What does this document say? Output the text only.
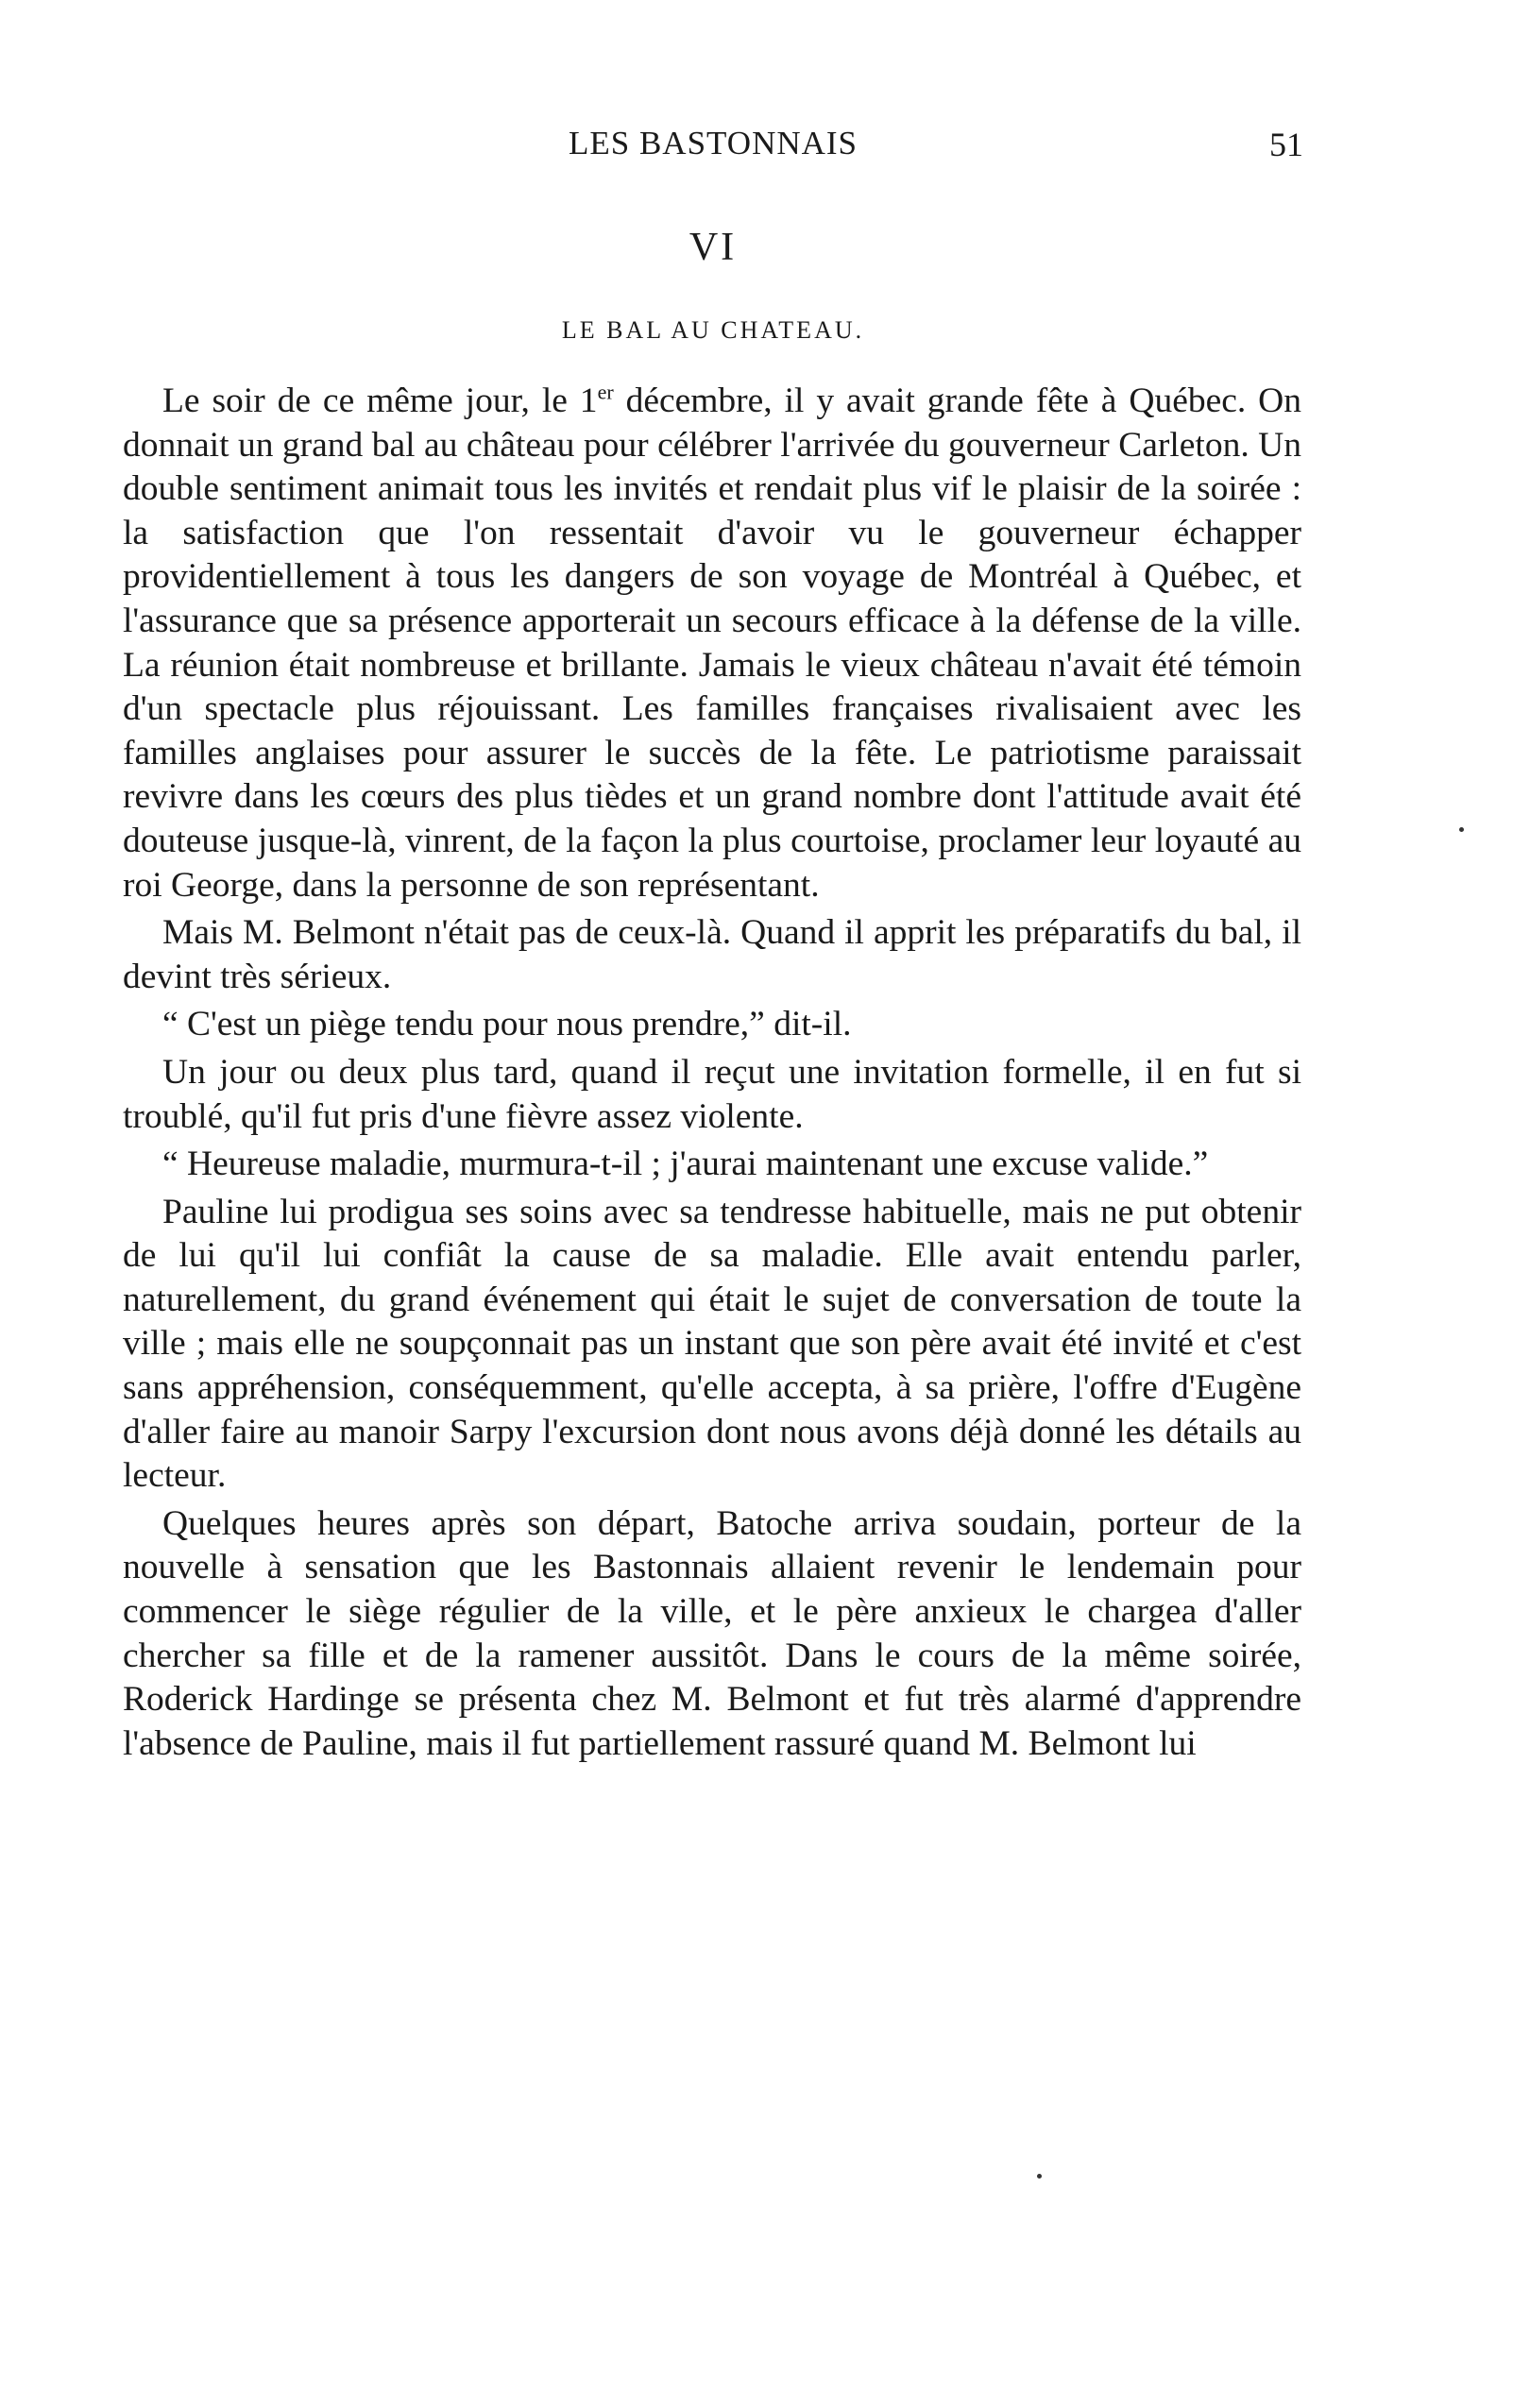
LES BASTONNAIS	51
VI
LE BAL AU CHATEAU.

Le soir de ce même jour, le 1er décembre, il y avait grande fête à Québec. On donnait un grand bal au château pour célébrer l'arrivée du gouverneur Carleton. Un double sentiment animait tous les invités et rendait plus vif le plaisir de la soirée : la satisfaction que l'on ressentait d'avoir vu le gouverneur échapper providentiellement à tous les dangers de son voyage de Montréal à Québec, et l'assurance que sa présence apporterait un secours efficace à la défense de la ville. La réunion était nombreuse et brillante. Jamais le vieux château n'avait été témoin d'un spectacle plus réjouissant. Les familles françaises rivalisaient avec les familles anglaises pour assurer le succès de la fête. Le patriotisme paraissait revivre dans les cœurs des plus tièdes et un grand nombre dont l'attitude avait été douteuse jusque-là, vinrent, de la façon la plus courtoise, proclamer leur loyauté au roi George, dans la personne de son représentant.

Mais M. Belmont n'était pas de ceux-là. Quand il apprit les préparatifs du bal, il devint très sérieux.

“ C'est un piège tendu pour nous prendre,” dit-il.

Un jour ou deux plus tard, quand il reçut une invitation formelle, il en fut si troublé, qu'il fut pris d'une fièvre assez violente.

“ Heureuse maladie, murmura-t-il ; j'aurai maintenant une excuse valide.”

Pauline lui prodigua ses soins avec sa tendresse habituelle, mais ne put obtenir de lui qu'il lui confiât la cause de sa maladie. Elle avait entendu parler, naturellement, du grand événement qui était le sujet de conversation de toute la ville ; mais elle ne soupçonnait pas un instant que son père avait été invité et c'est sans appréhension, conséquemment, qu'elle accepta, à sa prière, l'offre d'Eugène d'aller faire au manoir Sarpy l'excursion dont nous avons déjà donné les détails au lecteur.

Quelques heures après son départ, Batoche arriva soudain, porteur de la nouvelle à sensation que les Bastonnais allaient revenir le lendemain pour commencer le siège régulier de la ville, et le père anxieux le chargea d'aller chercher sa fille et de la ramener aussitôt. Dans le cours de la même soirée, Roderick Hardinge se présenta chez M. Belmont et fut très alarmé d'apprendre l'absence de Pauline, mais il fut partiellement rassuré quand M. Belmont lui
